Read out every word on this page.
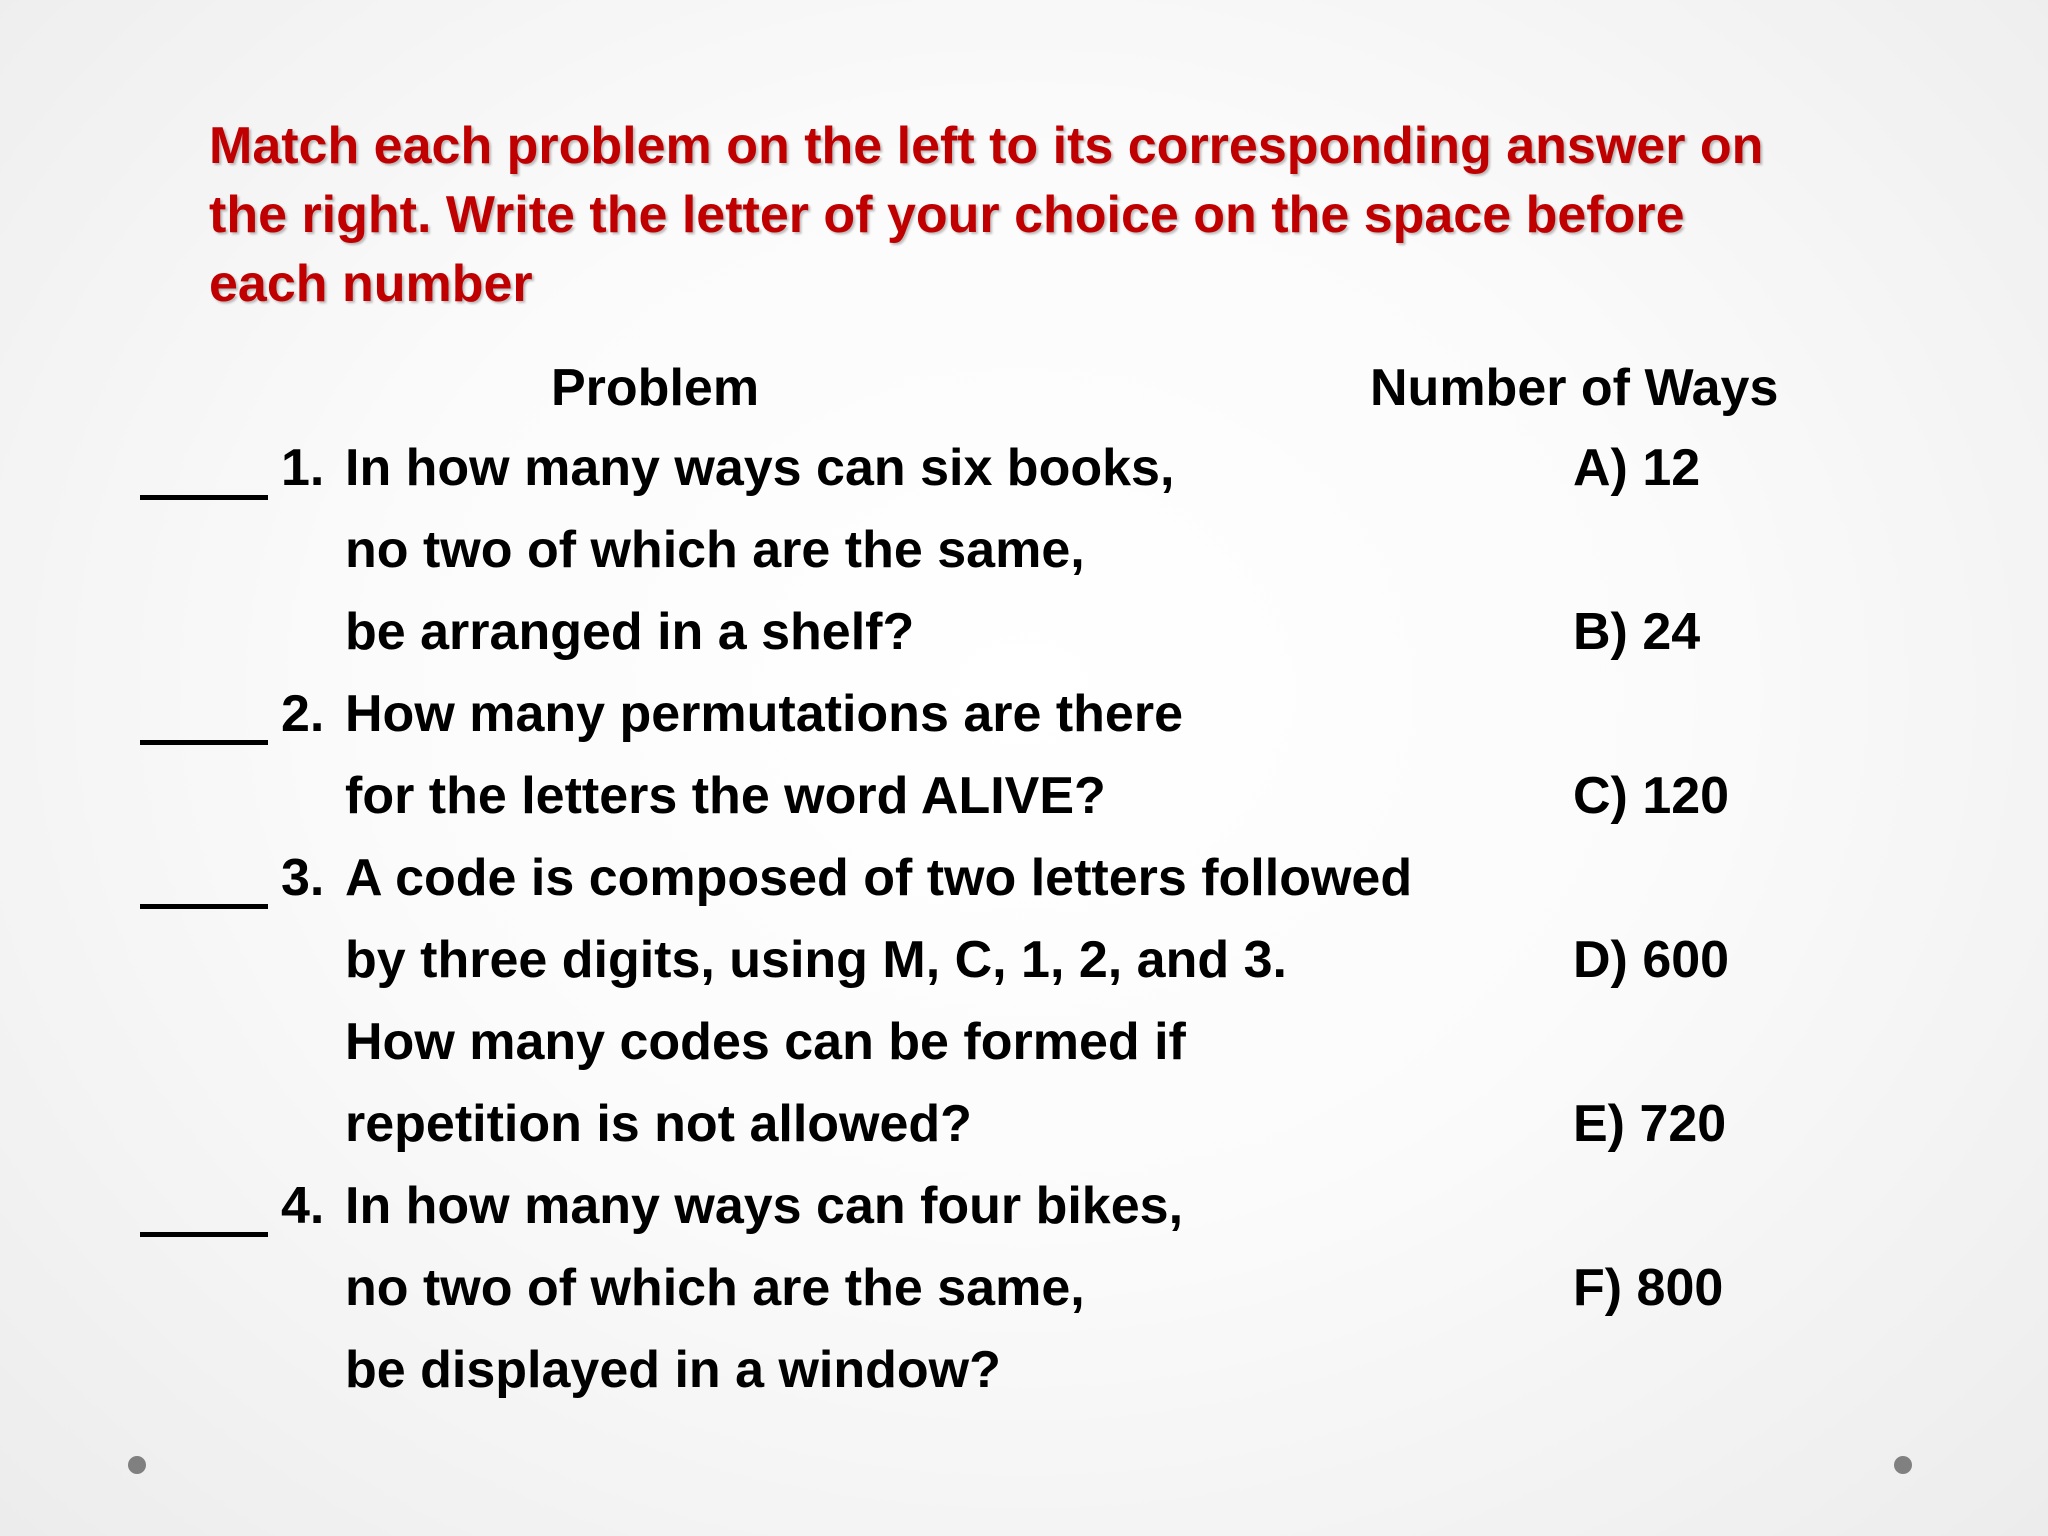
Match each problem on the left to its corresponding answer on
the right. Write the letter of your choice on the space before
each number

Problem	Number of Ways
1. In how many ways can six books,
no two of which are the same,
be arranged in a shelf?
2. How many permutations are there
for the letters the word ALIVE?
3. A code is composed of two letters followed
by three digits, using M, C, 1, 2, and 3.
How many codes can be formed if
repetition is not allowed?
4. In how many ways can four bikes,
no two of which are the same,
be displayed in a window?
A) 12
B) 24
C) 120
D) 600
E) 720
F) 800
